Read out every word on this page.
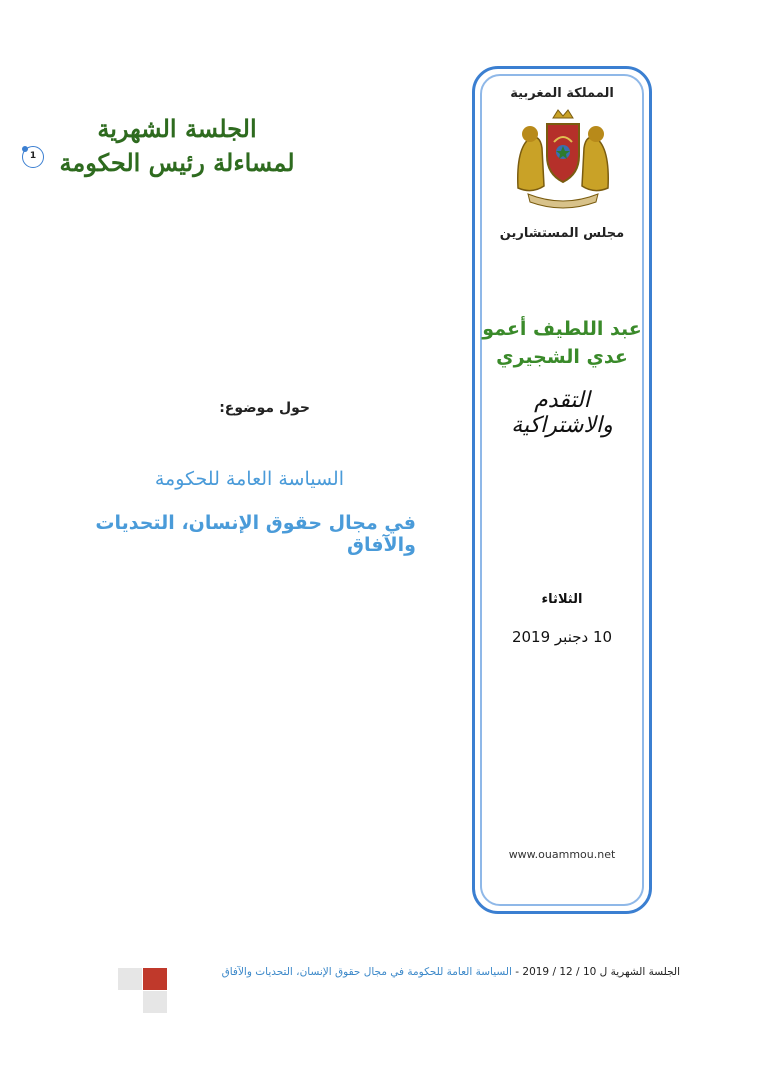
المملكة المغربية
مجلس المستشارين
عبد اللطيف أعمو
عدي الشجيري
التقدم والاشتراكية
الثلاثاء
10 دجنبر 2019
www.ouammou.net
الجلسة الشهرية
لمساءلة رئيس الحكومة
1
حول موضوع:
السياسة العامة للحكومة
في مجال حقوق الإنسان، التحديات والآفاق
الجلسة الشهرية ل 10 / 12 / 2019 - السياسة العامة للحكومة في مجال حقوق الإنسان، التحديات والآفاق
